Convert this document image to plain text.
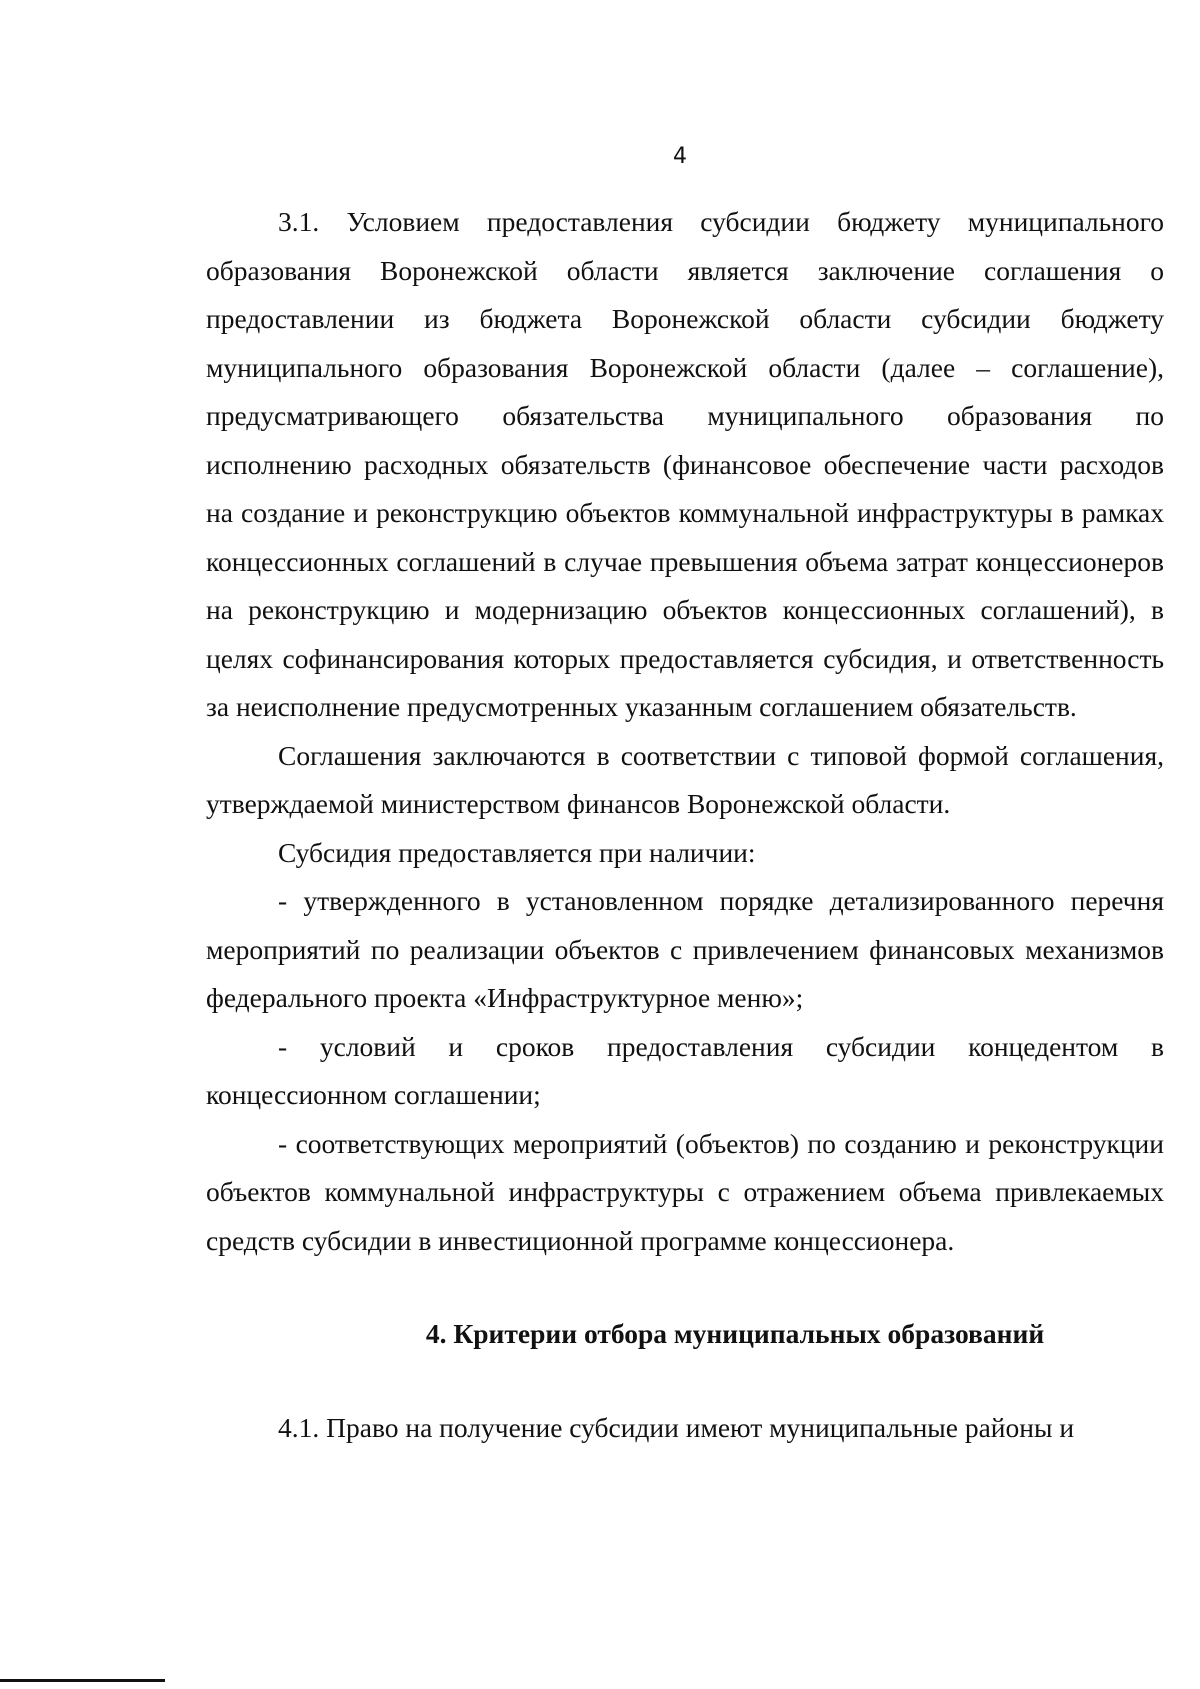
4

3.1. Условием предоставления субсидии бюджету муниципального образования Воронежской области является заключение соглашения о предоставлении из бюджета Воронежской области субсидии бюджету муниципального образования Воронежской области (далее – соглашение), предусматривающего обязательства муниципального образования по исполнению расходных обязательств (финансовое обеспечение части расходов на создание и реконструкцию объектов коммунальной инфраструктуры в рамках концессионных соглашений в случае превышения объема затрат концессионеров на реконструкцию и модернизацию объектов концессионных соглашений), в целях софинансирования которых предоставляется субсидия, и ответственность за неисполнение предусмотренных указанным соглашением обязательств.

Соглашения заключаются в соответствии с типовой формой соглашения, утверждаемой министерством финансов Воронежской области.

Субсидия предоставляется при наличии:

- утвержденного в установленном порядке детализированного перечня мероприятий по реализации объектов с привлечением финансовых механизмов федерального проекта «Инфраструктурное меню»;

- условий и сроков предоставления субсидии концедентом в концессионном соглашении;

- соответствующих мероприятий (объектов) по созданию и реконструкции объектов коммунальной инфраструктуры с отражением объема привлекаемых средств субсидии в инвестиционной программе концессионера.

4. Критерии отбора муниципальных образований

4.1. Право на получение субсидии имеют муниципальные районы и
